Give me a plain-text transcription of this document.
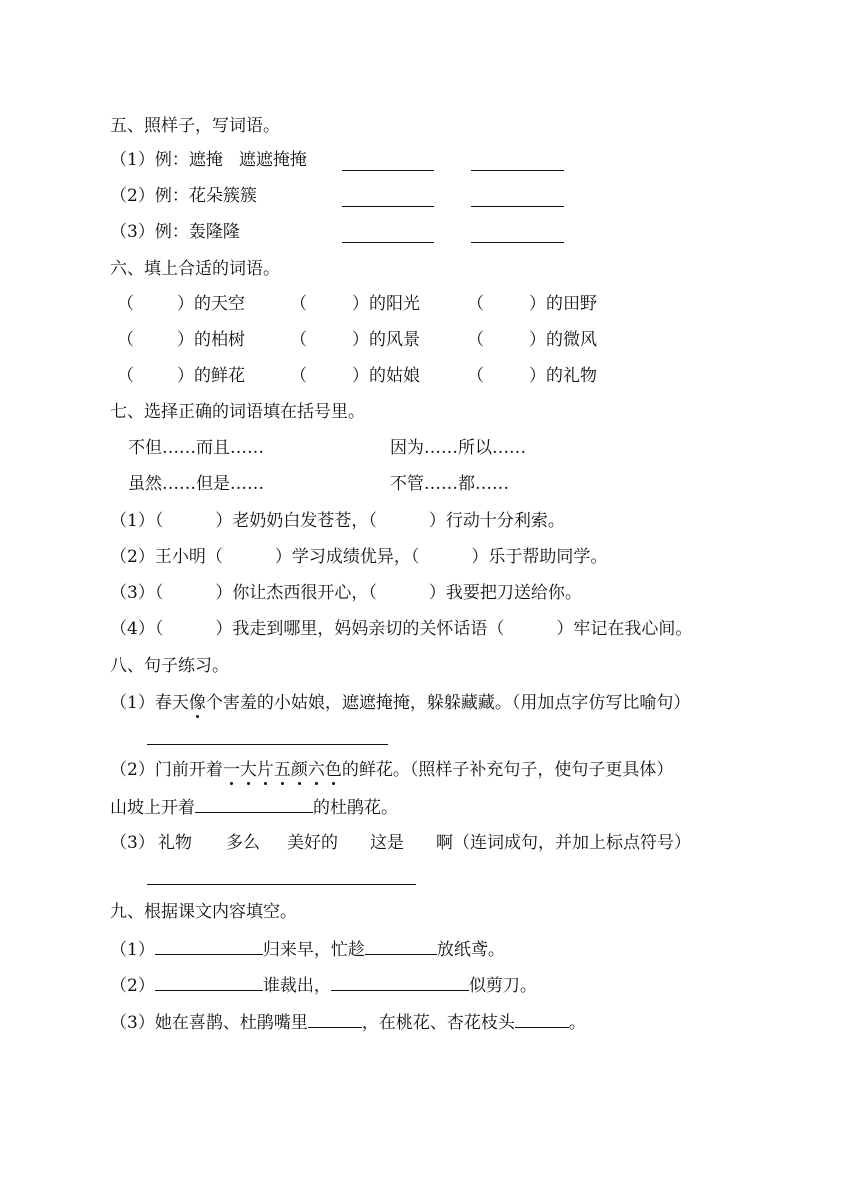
五、照样子，写词语。
（1）例：遮掩 遮遮掩掩
（2）例：花朵簇簇
（3）例：轰隆隆
六、填上合适的词语。
（	） 的天空	（	） 的阳光	（	） 的田野
（	） 的柏树	（	） 的风景	（	） 的微风
（	） 的鲜花	（	） 的姑娘	（	） 的礼物
七、选择正确的词语填在括号里。
不但……而且……	因为……所以……
虽然……但是……	不管……都……
（1）（	）老奶奶白发苍苍，（	）行动十分利索。
（2）王小明（	）学习成绩优异，（	）乐于帮助同学。
（3）（	）你让杰西很开心，（	）我要把刀送给你。
（4）（	）我走到哪里，妈妈亲切的关怀话语（	）牢记在我心间。
八、句子练习。
（1）春天像个害羞的小姑娘，遮遮掩掩，躲躲藏藏。（用加点字仿写比喻句）
（2）门前开着一大片五颜六色的鲜花。（照样子补充句子，使句子更具体）
山坡上开着	的杜鹃花。
（3） 礼物 多么 美好的 这是 啊 （连词成句，并加上标点符号）
九、根据课文内容填空。
（1）	归来早，忙趁	放纸鸢。
（2）	谁裁出，	似剪刀。
（3）她在喜鹊、杜鹃嘴里	，在桃花、杏花枝头	。
